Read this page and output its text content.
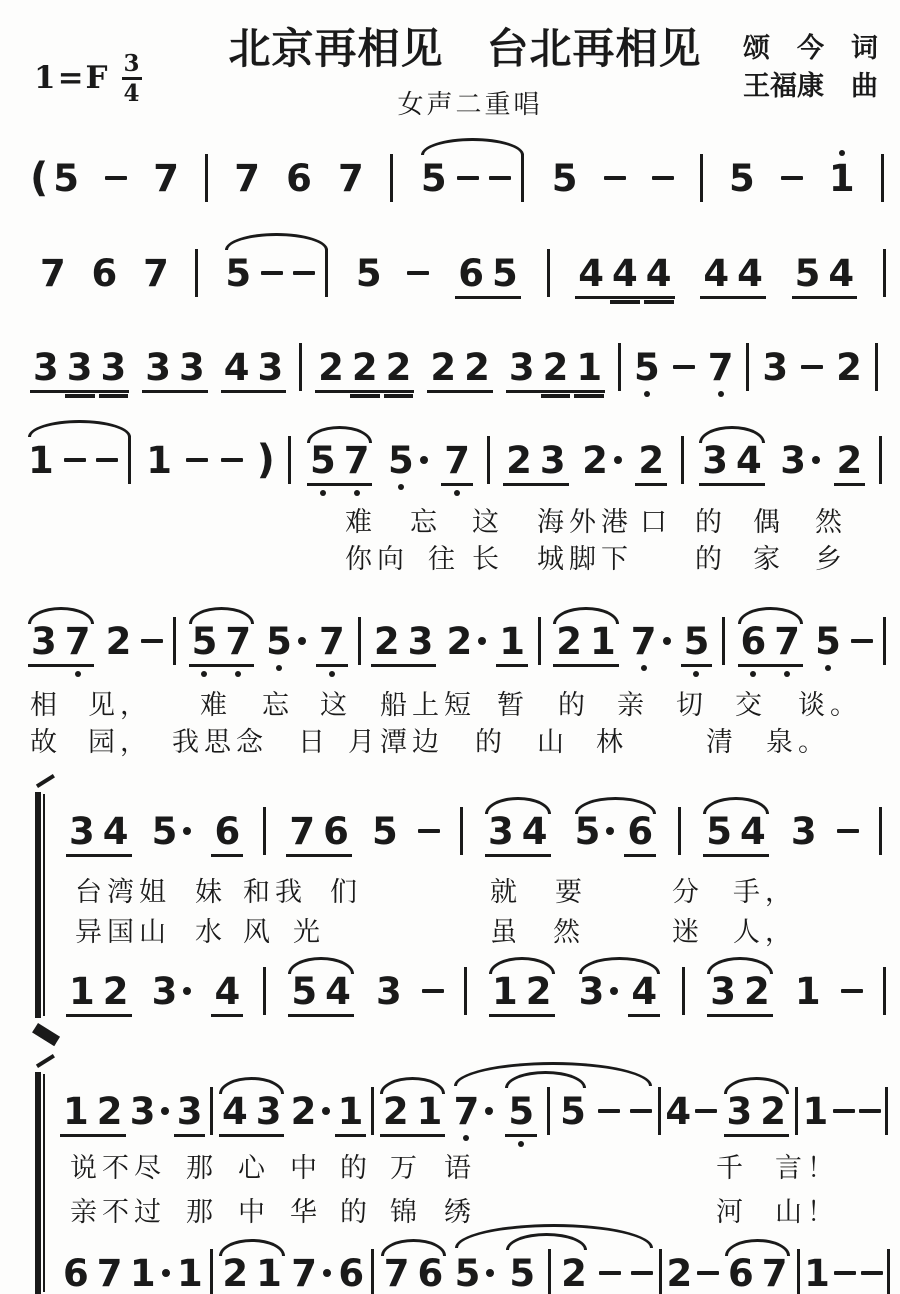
$1=F \frac{3}{4}$
北京再相见　台北再相见
女声二重唱
颂　今　词
王福康　曲
( 5 7 7 6 7 5	5	5 1
7 6 7 5	5 6 5 4 4 4 4 4 5 4
3 3 3 3 3 4 3 2 2 2 2 2 3 2 1 5 7 3 2
1	1 ) 5 7 5 7 2 3 2 2 3 4 3 2
3 7 2 5 7 5 7 2 3 2 1 2 1 7 5 6 7 5
3 4 5 6 7 6 5 3 4 5 6 5 4 3
1 2 3 4 5 4 3 1 2 3 4 3 2 1
1 2 3 3 4 3 2 1 2 1 7 5 5 4 3 2 1
6 7 1 1 2 1 7 6 7 6 5 5 2 2 6 7 1
难 忘 这 海外港 口 的 偶 然
你向 往 长 城脚下 的 家 乡
相 见， 难 忘 这 船上短 暂 的 亲 切 交 谈。
故 园， 我思念 日 月潭边 的 山 林	清 泉。
台湾姐 妹 和我 们	就 要	分 手，
异国山 水 风 光	虽 然	迷 人，
说不尽 那 心 中 的 万 语	千 言！
亲不过 那 中 华 的 锦 绣	河 山！
